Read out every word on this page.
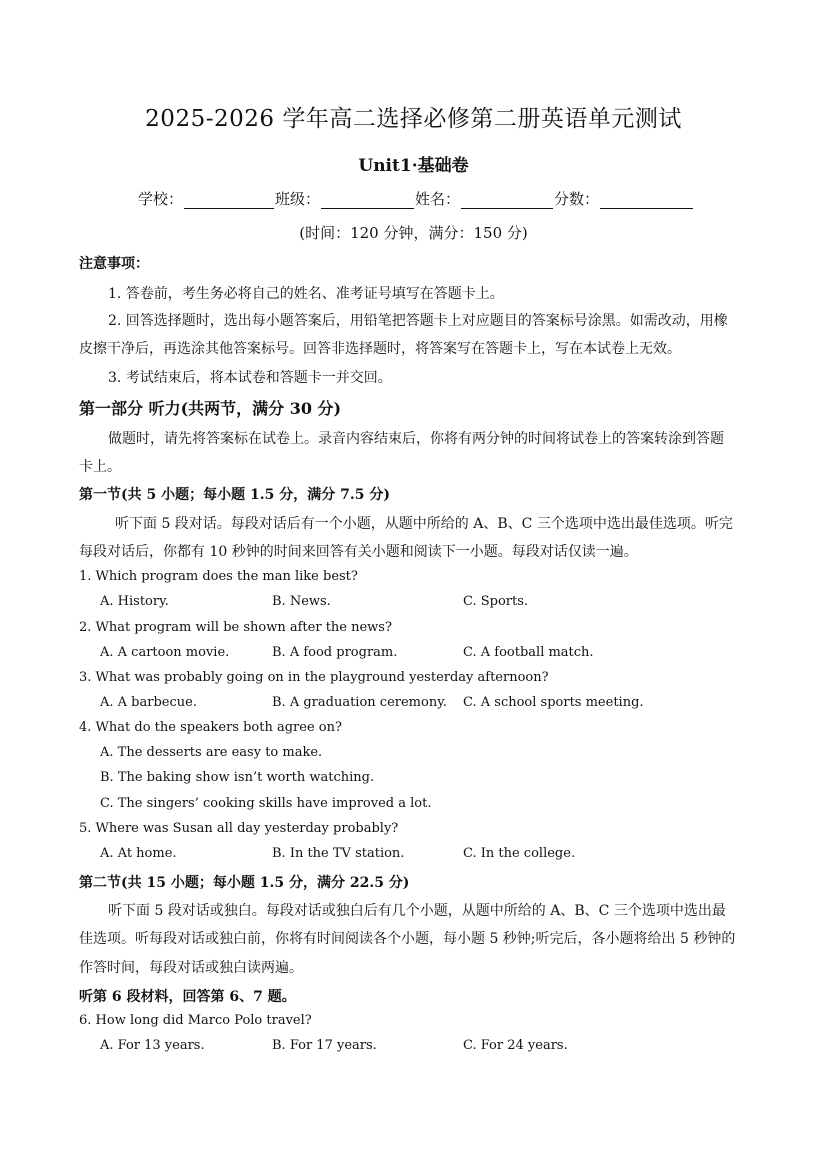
2025-2026 学年高二选择必修第二册英语单元测试
Unit1·基础卷
学校：	班级：	姓名：	分数：
(时间：120 分钟，满分：150 分)
注意事项：
1. 答卷前，考生务必将自己的姓名、准考证号填写在答题卡上。
2. 回答选择题时，选出每小题答案后，用铅笔把答题卡上对应题目的答案标号涂黑。如需改动，用橡
皮擦干净后，再选涂其他答案标号。回答非选择题时，将答案写在答题卡上，写在本试卷上无效。
3. 考试结束后，将本试卷和答题卡一并交回。
第一部分 听力(共两节，满分 30 分)
做题时，请先将答案标在试卷上。录音内容结束后，你将有两分钟的时间将试卷上的答案转涂到答题
卡上。
第一节(共 5 小题；每小题 1.5 分，满分 7.5 分)
听下面 5 段对话。每段对话后有一个小题，从题中所给的 A、B、C 三个选项中选出最佳选项。听完
每段对话后，你都有 10 秒钟的时间来回答有关小题和阅读下一小题。每段对话仅读一遍。
1. Which program does the man like best?
A. History.	B. News.	C. Sports.
2. What program will be shown after the news?
A. A cartoon movie.	B. A food program.	C. A football match.
3. What was probably going on in the playground yesterday afternoon?
A. A barbecue.	B. A graduation ceremony. C. A school sports meeting.
4. What do the speakers both agree on?
A. The desserts are easy to make.
B. The baking show isn’t worth watching.
C. The singers’ cooking skills have improved a lot.
5. Where was Susan all day yesterday probably?
A. At home.	B. In the TV station.	C. In the college.
第二节(共 15 小题；每小题 1.5 分，满分 22.5 分)
听下面 5 段对话或独白。每段对话或独白后有几个小题，从题中所给的 A、B、C 三个选项中选出最
佳选项。听每段对话或独白前，你将有时间阅读各个小题，每小题 5 秒钟;听完后，各小题将给出 5 秒钟的
作答时间，每段对话或独白读两遍。
听第 6 段材料，回答第 6、7 题。
6. How long did Marco Polo travel?
A. For 13 years.	B. For 17 years.	C. For 24 years.
